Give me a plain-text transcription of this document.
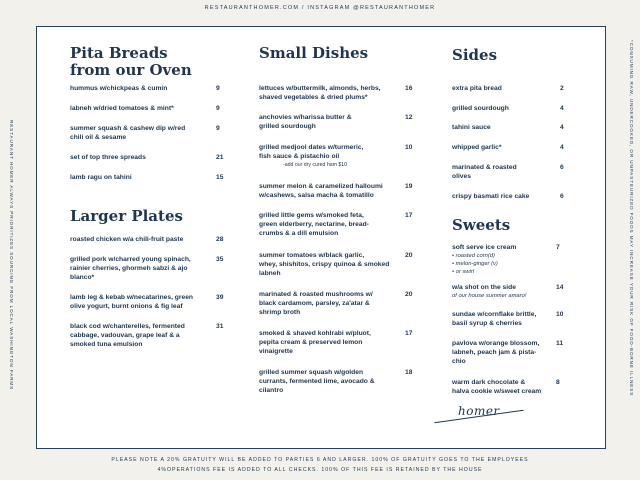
RESTAURANTHOMER.COM / INSTAGRAM @RESTAURANTHOMER
RESTAURANT HOMER ALWAYS PRIORITIZES SOURCING FROM LOCAL WASHINGTON FARMS	*CONSUMING RAW, UNDERCOOKED, OR UNPASTEURIZED FOODS MAY INCREASE YOUR RISK OF FOOD-BORNE ILLNESS
Pita Breads
from our Oven
hummus w/chickpeas & cumin	9
labneh w/dried tomatoes & mint*	9
summer squash & cashew dip w/red
chili oil & sesame
9
set of top three spreads	21
lamb ragu on tahini	15
Larger Plates
roasted chicken w/a chili-fruit paste	28
grilled pork w/charred young spinach,
rainier cherries, ghormeh sabzi & ajo
blanco*
35
lamb leg & kebab w/necatarines, green
olive yogurt, burnt onions & fig leaf
39
black cod w/chanterelles, fermented
cabbage, vadouvan, grape leaf & a
smoked tuna emulsion
31
Small Dishes
lettuces w/buttermilk, almonds, herbs,
shaved vegetables & dried plums*
16
anchovies w/harissa butter &
grilled sourdough
12
grilled medjool dates w/turmeric,
fish sauce & pistachio oil
-add our dry cured ham $10
10
summer melon & caramelized halloumi
w/cashews, salsa macha & tomatillo
19
grilled little gems w/smoked feta,
green elderberry, nectarine, bread-
crumbs & a dill emulsion
17
summer tomatoes w/black garlic,
whey, shishitos, crispy quinoa & smoked
labneh
20
marinated & roasted mushrooms w/
black cardamom, parsley, za'atar &
shrimp broth
20
smoked & shaved kohlrabi w/pluot,
pepita cream & preserved lemon
vinaigrette
17
grilled summer squash w/golden
currants, fermented lime, avocado &
cilantro
18
Sides
extra pita bread	2
grilled sourdough	4
tahini sauce	4
whipped garlic*	4
marinated & roasted
olives
6
crispy basmati rice cake	6
Sweets
soft serve ice cream
• roasted corn(d)
• melon-ginger (v)
• or swirl
7
w/a shot on the side
of our house summer amaro!
14
sundae w/cornflake brittle,
basil syrup & cherries
10
pavlova w/orange blossom,
labneh, peach jam & pista-
chio
11
warm dark chocolate &
halva cookie w/sweet cream
8
homer
PLEASE NOTE A 20% GRATUITY WILL BE ADDED TO PARTIES 6 AND LARGER. 100% OF GRATUITY GOES TO THE EMPLOYEES
4%OPERATIONS FEE IS ADDED TO ALL CHECKS. 100% OF THIS FEE IS RETAINED BY THE HOUSE
